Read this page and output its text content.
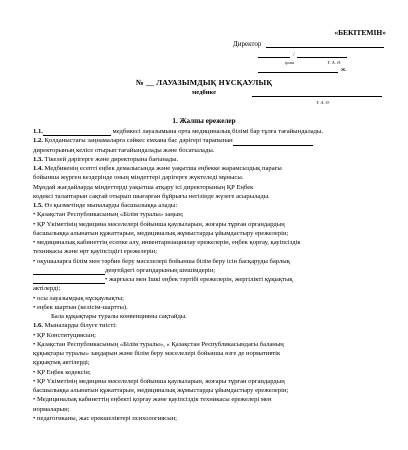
«БЕКІТЕМІН»
Директор
/
қолы	Т. А. Ә.
ж.
№ __ ЛАУАЗЫМДЫҚ НҰСҚАУЛЫҚ
медбике
Т. А. Ә.
1. Жалпы ережелер

1.1.	медбикесі лауазымына орта медициналық білімі бар тұлға тағайындалады.

1.2. Қолданыстағы заңнамаларға сәйкес емхана бас дәрігері тарапынан

директорының келісе отырып тағайындалады және босатылады.

1.3. Тікелей дәрігерге және директорына бағынады.

1.4. Медбикенің есепті еңбек демалысында және уақытша еңбекке жарамсыздық парағы

бойынша жүрген кездерінде оның міндеттері дәрігерге жүктеледі мұнысы.

Мұндай жағдайларда міндеттерді уақытша атқару ісі директорының ҚР Еңбек

кодексі талаптарын сақтай отырып шығарған бұйрығы негізінде жүзеге асырылады.

1.5. Өз қызметінде мыналарды басшылыққа алады:

• Қазақстан Республикасының «Білім туралы» заңын;

• ҚР Үкіметінің медицина мәселелері бойынша қаулыларын, жоғары тұрған органдардың

басшылыққа алынатын құжаттарын, медициналық жұмыстарды ұйымдастыру ережелерін;

• медициналық кабинеттің есепке алу, инвентаризациялау ережелерін, еңбек қорғау, қауіпсіздік

техникасы және өрт қауіпсіздігі ережелерін;

• оқушыларға білім мен тәрбие беру мәселелері бойынша білім беру ісін басқаруды барлық

деңгейдегі органдарының шешімдерін;

• жарғысы мен Ішкі еңбек тәртібі ережелерін, жергілікті құқықтық

актілерді;

• осы лауазымдық нұсқаулықты;

• еңбек шартын (келісім-шартты).

Бала құқықтары туралы конвенцияны сақтайды.

1.6. Мыналарды білуге тиісті:

• ҚР Конституциясын;

• Қазақстан Республикасының «Білім туралы», « Қазақстан Республикасындағы баланың

құқықтары туралы» заңдарын және білім беру мәселелері бойынша өзге де нормативтік

құқықтық актілерді;

• ҚР Еңбек кодексін;

• ҚР Үкіметінің медицина мәселелері бойынша қаулыларын, жоғары тұрған органдардың

басшылыққа алынатын құжаттарын, медициналық жұмыстарды ұйымдастыру ережелерін;

• Медициналық кабинеттің еңбекті қорғау және қауіпсіздік техникасы ережелері мен

нормаларын;

• педагогиканы, жас ерекшеліктері психологиясын;
